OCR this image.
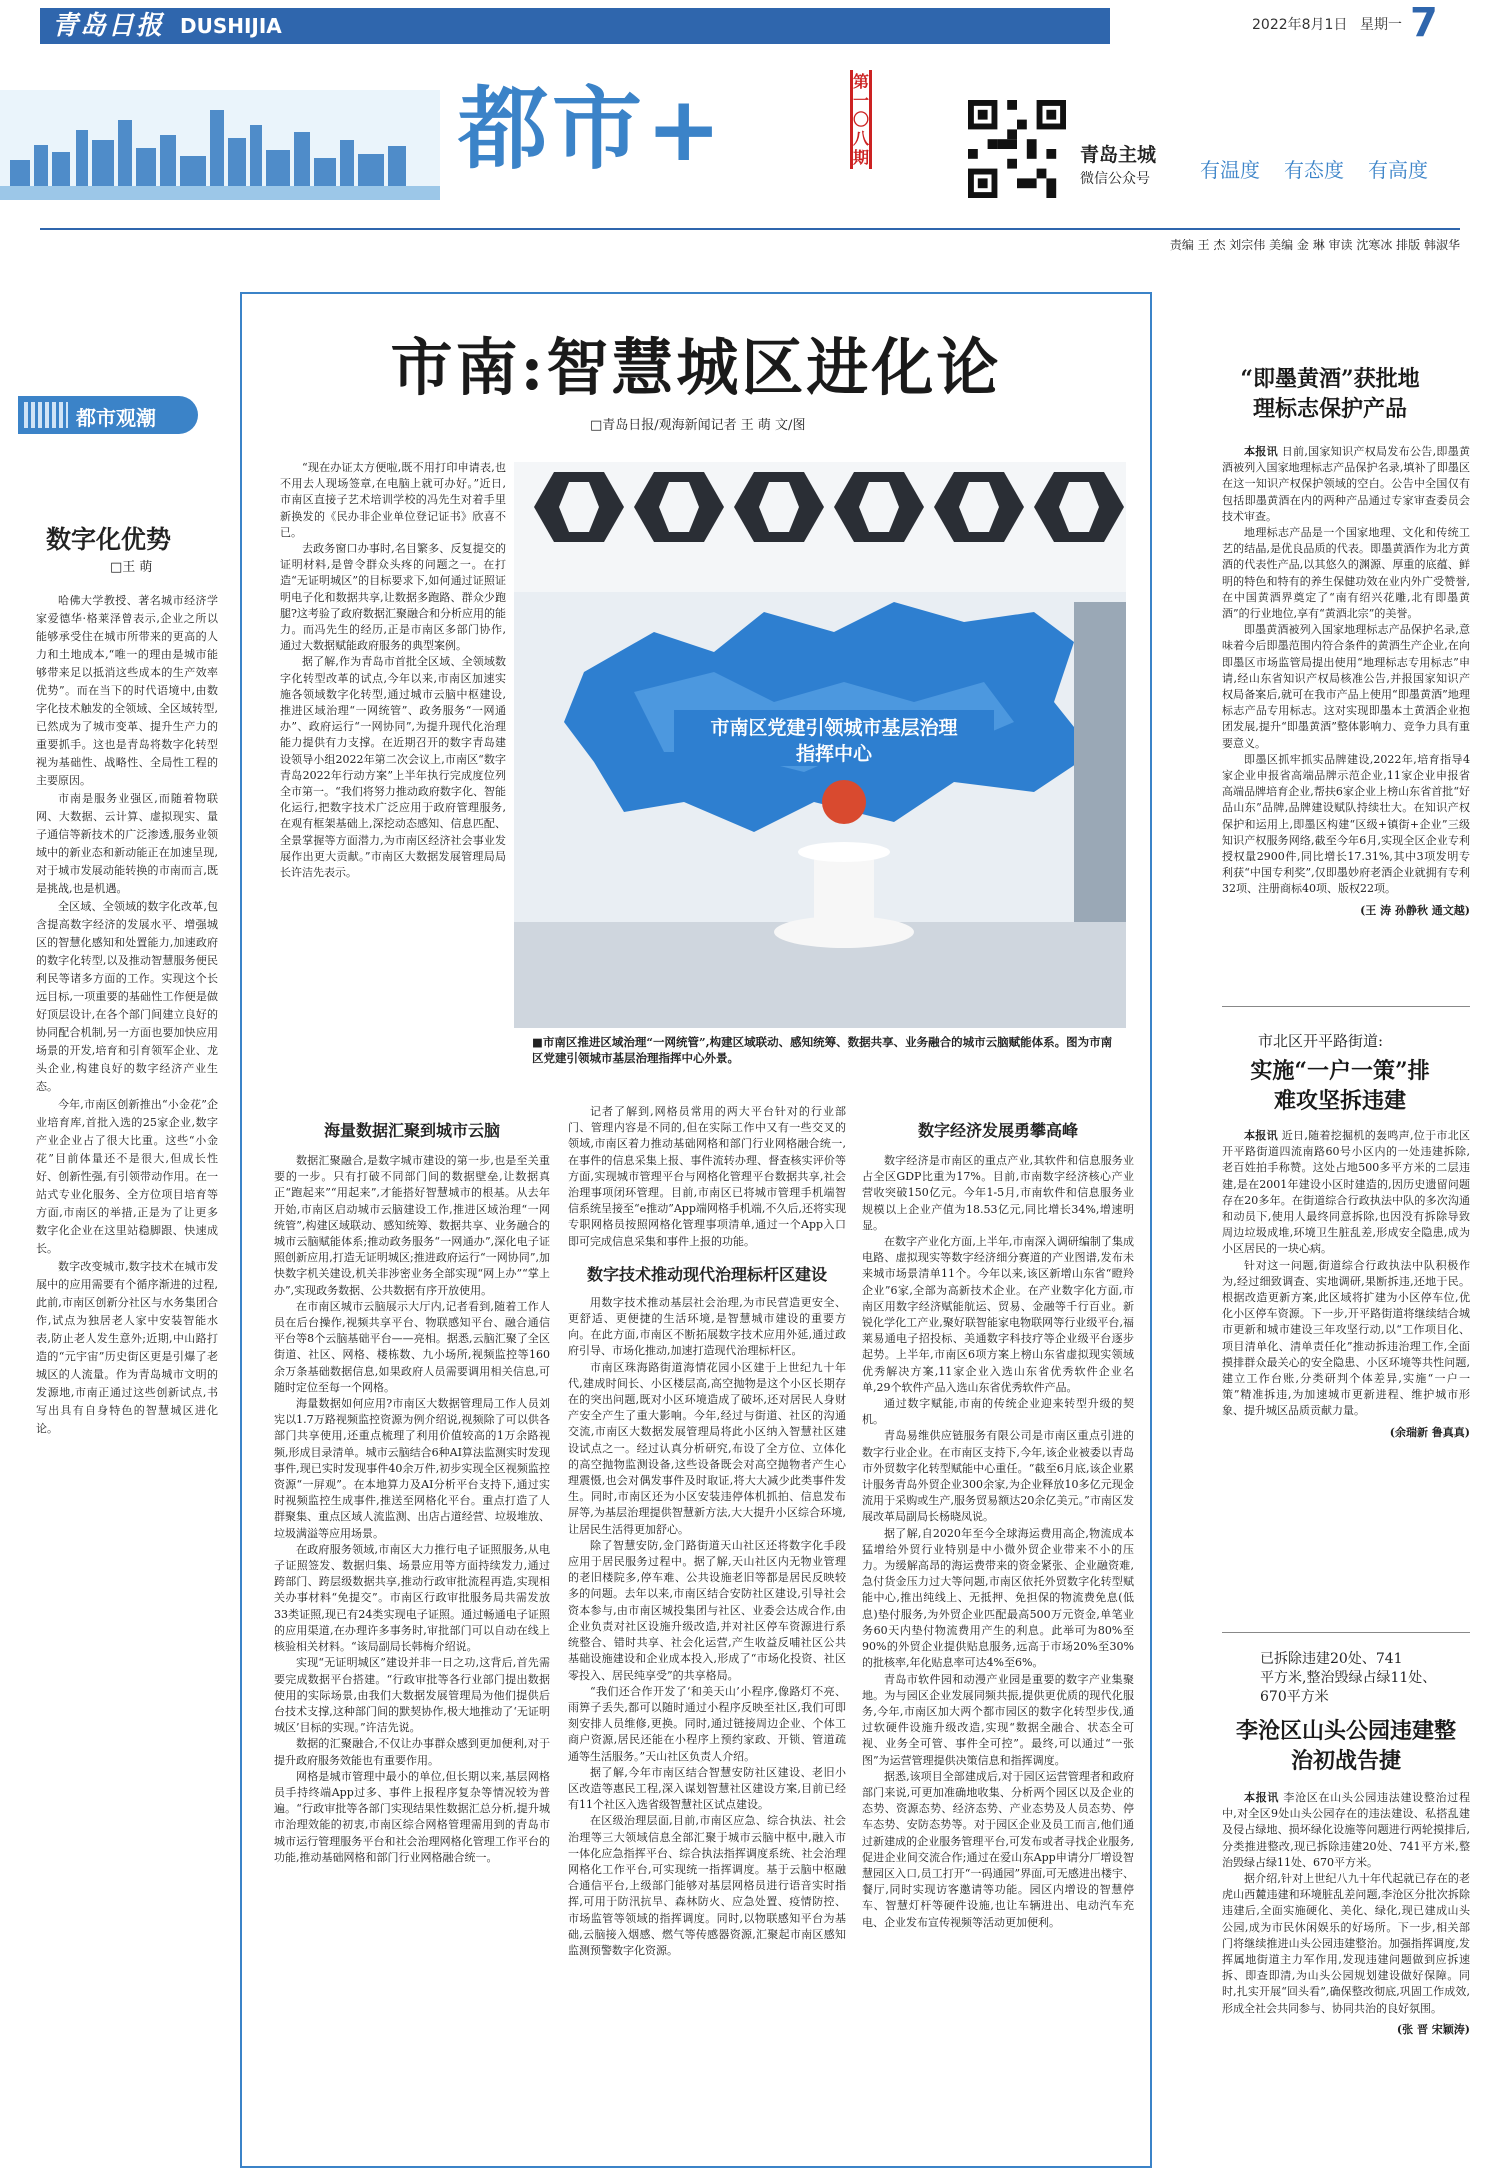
青岛日报 DUSHIJIA	2022年8月1日 星期一 7
都市+	第一〇八期	青岛主城
微信公众号	有温度 有态度 有高度
责编 王 杰 刘宗伟 美编 金 琳 审读 沈寒冰 排版 韩淑华
都市观潮
数字化优势
□王 萌

哈佛大学教授、著名城市经济学家爱德华·格莱泽曾表示,企业之所以能够承受住在城市所带来的更高的人力和土地成本,“唯一的理由是城市能够带来足以抵消这些成本的生产效率优势”。而在当下的时代语境中,由数字化技术触发的全领域、全区域转型,已然成为了城市变革、提升生产力的重要抓手。这也是青岛将数字化转型视为基础性、战略性、全局性工程的主要原因。

市南是服务业强区,而随着物联网、大数据、云计算、虚拟现实、量子通信等新技术的广泛渗透,服务业领域中的新业态和新动能正在加速呈现,对于城市发展动能转换的市南而言,既是挑战,也是机遇。

全区域、全领域的数字化改革,包含提高数字经济的发展水平、增强城区的智慧化感知和处置能力,加速政府的数字化转型,以及推动智慧服务便民利民等诸多方面的工作。实现这个长远目标,一项重要的基础性工作便是做好顶层设计,在各个部门间建立良好的协同配合机制,另一方面也要加快应用场景的开发,培育和引育领军企业、龙头企业,构建良好的数字经济产业生态。

今年,市南区创新推出“小金花”企业培育库,首批入选的25家企业,数字产业企业占了很大比重。这些“小金花”目前体量还不是很大,但成长性好、创新性强,有引领带动作用。在一站式专业化服务、全方位项目培育等方面,市南区的举措,正是为了让更多数字化企业在这里站稳脚跟、快速成长。

数字改变城市,数字技术在城市发展中的应用需要有个循序渐进的过程,此前,市南区创新分社区与水务集团合作,试点为独居老人家中安装智能水表,防止老人发生意外;近期,中山路打造的“元宇宙”历史街区更是引爆了老城区的人流量。作为青岛城市文明的发源地,市南正通过这些创新试点,书写出具有自身特色的智慧城区进化论。

市南:智慧城区进化论
□青岛日报/观海新闻记者 王 萌 文/图

“现在办证太方便啦,既不用打印申请表,也不用去人现场签章,在电脑上就可办好。”近日,市南区直接子艺术培训学校的冯先生对着手里新换发的《民办非企业单位登记证书》欣喜不已。

去政务窗口办事时,名目繁多、反复提交的证明材料,是曾令群众头疼的问题之一。在打造“无证明城区”的目标要求下,如何通过证照证明电子化和数据共享,让数据多跑路、群众少跑腿?这考验了政府数据汇聚融合和分析应用的能力。而冯先生的经历,正是市南区多部门协作,通过大数据赋能政府服务的典型案例。

据了解,作为青岛市首批全区域、全领域数字化转型改革的试点,今年以来,市南区加速实施各领域数字化转型,通过城市云脑中枢建设,推进区域治理“一网统管”、政务服务“一网通办”、政府运行“一网协同”,为提升现代化治理能力提供有力支撑。在近期召开的数字青岛建设领导小组2022年第二次会议上,市南区“数字青岛2022年行动方案”上半年执行完成度位列全市第一。“我们将努力推动政府数字化、智能化运行,把数字技术广泛应用于政府管理服务,在观有框架基础上,深挖动态感知、信息匹配、全景掌握等方面潜力,为市南区经济社会事业发展作出更大贡献。”市南区大数据发展管理局局长许洁先表示。

市南区党建引领城市基层治理
指挥中心
■市南区推进区域治理“一网统管”,构建区域联动、感知统筹、数据共享、业务融合的城市云脑赋能体系。图为市南区党建引领城市基层治理指挥中心外景。
海量数据汇聚到城市云脑

数据汇聚融合,是数字城市建设的第一步,也是至关重要的一步。只有打破不同部门间的数据壁垒,让数据真正“跑起来”“用起来”,才能搭好智慧城市的根基。从去年开始,市南区启动城市云脑建设工作,推进区域治理“一网统管”,构建区域联动、感知统筹、数据共享、业务融合的城市云脑赋能体系;推动政务服务“一网通办”,深化电子证照创新应用,打造无证明城区;推进政府运行“一网协同”,加快数字机关建设,机关非涉密业务全部实现“网上办”“掌上办”,实现政务数据、公共数据有序开放使用。

在市南区城市云脑展示大厅内,记者看到,随着工作人员在后台操作,视频共享平台、物联感知平台、融合通信平台等8个云脑基础平台——亮相。据悉,云脑汇聚了全区街道、社区、网格、楼栋数、九小场所,视频监控等160余万条基础数据信息,如果政府人员需要调用相关信息,可随时定位至每一个网格。

海量数据如何应用?市南区大数据管理局工作人员刘宪以1.7万路视频监控资源为例介绍说,视频除了可以供各部门共享使用,还重点梳理了利用价值较高的1万余路视频,形成目录清单。城市云脑结合6种AI算法监测实时发现事件,现已实时发现事件40余万件,初步实现全区视频监控资源“一屏观”。在本地算力及AI分析平台支持下,通过实时视频监控生成事件,推送至网格化平台。重点打造了人群聚集、重点区域人流监测、出店占道经营、垃圾堆放、垃圾满溢等应用场景。

在政府服务领域,市南区大力推行电子证照服务,从电子证照签发、数据归集、场景应用等方面持续发力,通过跨部门、跨层级数据共享,推动行政审批流程再造,实现相关办事材料“免提交”。市南区行政审批服务局共需发放33类证照,现已有24类实现电子证照。通过畅通电子证照的应用渠道,在办理许多事务时,审批部门可以自动在线上核验相关材料。“该局副局长韩梅介绍说。

实现“无证明城区”建设并非一日之功,这背后,首先需要完成数据平台搭建。“行政审批等各行业部门提出数据使用的实际场景,由我们大数据发展管理局为他们提供后台技术支撑,这种部门间的默契协作,极大地推动了‘无证明城区’目标的实现。”许洁先说。

数据的汇聚融合,不仅让办事群众感到更加便利,对于提升政府服务效能也有重要作用。

网格是城市管理中最小的单位,但长期以来,基层网格员手持终端App过多、事件上报程序复杂等情况较为普遍。“行政审批等各部门实现结果性数据汇总分析,提升城市治理效能的初衷,市南区综合网格管理需用到的青岛市城市运行管理服务平台和社会治理网格化管理工作平台的功能,推动基础网格和部门行业网格融合统一。

记者了解到,网格员常用的两大平台针对的行业部门、管理内容是不同的,但在实际工作中又有一些交叉的领域,市南区着力推动基础网格和部门行业网格融合统一,在事件的信息采集上报、事件流转办理、督查核实评价等方面,实现城市管理平台与网格化管理平台数据共享,社会治理事项闭环管理。目前,市南区已将城市管理手机端智信系统呈接至“e推动”App端网格手机端,不久后,还将实现专职网格员按照网格化管理事项清单,通过一个App入口即可完成信息采集和事件上报的功能。

数字技术推动现代治理标杆区建设

用数字技术推动基层社会治理,为市民营造更安全、更舒适、更便捷的生活环境,是智慧城市建设的重要方向。在此方面,市南区不断拓展数字技术应用外延,通过政府引导、市场化推动,加速打造现代治理标杆区。

市南区珠海路街道海情花园小区建于上世纪九十年代,建成时间长、小区楼层高,高空抛物是这个小区长期存在的突出问题,既对小区环境造成了破坏,还对居民人身财产安全产生了重大影响。今年,经过与街道、社区的沟通交流,市南区大数据发展管理局将此小区纳入智慧社区建设试点之一。经过认真分析研究,布设了全方位、立体化的高空抛物监测设备,这些设备既会对高空抛物者产生心理震慑,也会对偶发事件及时取证,将大大减少此类事件发生。同时,市南区还为小区安装违停体机抓拍、信息发布屏等,为基层治理提供智慧新方法,大大提升小区综合环境,让居民生活得更加舒心。

除了智慧安防,金门路街道天山社区还将数字化手段应用于居民服务过程中。据了解,天山社区内无物业管理的老旧楼院多,停车难、公共设施老旧等都是居民反映较多的问题。去年以来,市南区结合安防社区建设,引导社会资本参与,由市南区城投集团与社区、业委会达成合作,由企业负责对社区设施升级改造,并对社区停车资源进行系统整合、错时共享、社会化运营,产生收益反哺社区公共基础设施建设和企业成本投入,形成了“市场化投资、社区零投入、居民纯享受”的共享格局。

“我们还合作开发了‘和美天山’小程序,像路灯不亮、雨箅子丢失,都可以随时通过小程序反映至社区,我们可即刻安排人员维修,更换。同时,通过链接周边企业、个体工商户资源,居民还能在小程序上预约家政、开锁、管道疏通等生活服务。”天山社区负责人介绍。

据了解,今年市南区结合智慧安防社区建设、老旧小区改造等惠民工程,深入谋划智慧社区建设方案,目前已经有11个社区入选省级智慧社区试点建设。

在区级治理层面,目前,市南区应急、综合执法、社会治理等三大领域信息全部汇聚于城市云脑中枢中,融入市一体化应急指挥平台、综合执法指挥调度系统、社会治理网格化工作平台,可实现统一指挥调度。基于云脑中枢融合通信平台,上级部门能够对基层网格员进行语音实时指挥,可用于防汛抗旱、森林防火、应急处置、疫情防控、市场监管等领域的指挥调度。同时,以物联感知平台为基础,云脑接入烟感、燃气等传感器资源,汇聚起市南区感知监测预警数字化资源。

数字经济发展勇攀高峰

数字经济是市南区的重点产业,其软件和信息服务业占全区GDP比重为17%。目前,市南数字经济核心产业营收突破150亿元。今年1-5月,市南软件和信息服务业规模以上企业产值为18.53亿元,同比增长34%,增速明显。

在数字产业化方面,上半年,市南深入调研编制了集成电路、虚拟现实等数字经济细分赛道的产业图谱,发布未来城市场景清单11个。今年以来,该区新增山东省“瞪羚企业”6家,全部为高新技术企业。在产业数字化方面,市南区用数字经济赋能航运、贸易、金融等千行百业。新锐化学化工产业,聚好联智能家电物联网等行业级平台,福莱易通电子招投标、美通数字科技疗等企业级平台逐步起势。上半年,市南区6项方案上榜山东省虚拟现实领域优秀解决方案,11家企业入选山东省优秀软件企业名单,29个软件产品入选山东省优秀软件产品。

通过数字赋能,市南的传统企业迎来转型升级的契机。

青岛易维供应链服务有限公司是市南区重点引进的数字行业企业。在市南区支持下,今年,该企业被委以青岛市外贸数字化转型赋能中心重任。“截至6月底,该企业累计服务青岛外贸企业300余家,为企业释放10多亿元现金流用于采购或生产,服务贸易额达20余亿美元。”市南区发展改革局副局长杨晓凤说。

据了解,自2020年至今全球海运费用高企,物流成本猛增给外贸行业特别是中小微外贸企业带来不小的压力。为缓解高昂的海运费带来的资金紧张、企业融资难,急付货金压力过大等问题,市南区依托外贸数字化转型赋能中心,推出纯线上、无抵押、免担保的物流费免息(低息)垫付服务,为外贸企业匹配最高500万元资金,单笔业务60天内垫付物流费用产生的利息。此举可为80%至90%的外贸企业提供贴息服务,远高于市场20%至30%的批核率,年化贴息率可达4%至6%。

青岛市软件园和动漫产业园是重要的数字产业集聚地。为与园区企业发展同频共振,提供更优质的现代化服务,今年,市南区加大两个都市园区的数字化转型步伐,通过软硬件设施升级改造,实现“数据全融合、状态全可视、业务全可管、事件全可控”。最终,可以通过“一张图”为运营管理提供决策信息和指挥调度。

据悉,该项目全部建成后,对于园区运营管理者和政府部门来说,可更加准确地收集、分析两个园区以及企业的态势、资源态势、经济态势、产业态势及人员态势、停车态势、安防态势等。对于园区企业及员工而言,他们通过新建成的企业服务管理平台,可发布或者寻找企业服务,促进企业间交流合作;通过在爱山东App申请分厂增设智慧园区入口,员工打开“一码通园”界面,可无感进出楼宇、餐厅,同时实现访客邀请等功能。园区内增设的智慧停车、智慧灯杆等硬件设施,也让车辆进出、电动汽车充电、企业发布宣传视频等活动更加便利。

“即墨黄酒”获批地理标志保护产品

本报讯 日前,国家知识产权局发布公告,即墨黄酒被列入国家地理标志产品保护名录,填补了即墨区在这一知识产权保护领域的空白。公告中全国仅有包括即墨黄酒在内的两种产品通过专家审查委员会技术审查。

地理标志产品是一个国家地理、文化和传统工艺的结晶,是优良品质的代表。即墨黄酒作为北方黄酒的代表性产品,以其悠久的渊源、厚重的底蕴、鲜明的特色和特有的养生保健功效在业内外广受赞誉,在中国黄酒界奠定了“南有绍兴花雕,北有即墨黄酒”的行业地位,享有“黄酒北宗”的美誉。

即墨黄酒被列入国家地理标志产品保护名录,意味着今后即墨范围内符合条件的黄酒生产企业,在向即墨区市场监管局提出使用“地理标志专用标志”申请,经山东省知识产权局核准公告,并报国家知识产权局备案后,就可在我市产品上使用“即墨黄酒”地理标志产品专用标志。这对实现即墨本土黄酒企业抱团发展,提升“即墨黄酒”整体影响力、竞争力具有重要意义。

即墨区抓牢抓实品牌建设,2022年,培育指导4家企业申报省高端品牌示范企业,11家企业申报省高端品牌培育企业,帮扶6家企业上榜山东省首批“好品山东”品牌,品牌建设赋队持续壮大。在知识产权保护和运用上,即墨区构建“区级+镇街+企业”三级知识产权服务网络,截至今年6月,实现全区企业专利授权量2900件,同比增长17.31%,其中3项发明专利获“中国专利奖”,仅即墨妙府老酒企业就拥有专利32项、注册商标40项、版权22项。

(王 涛 孙静秋 通文越)
市北区开平路街道:
实施“一户一策”排难攻坚拆违建

本报讯 近日,随着挖掘机的轰鸣声,位于市北区开平路街道四流南路60号小区内的一处违建拆除,老百姓拍手称赞。这处占地500多平方米的二层违建,是在2001年建设小区时建造的,因历史遗留问题存在20多年。在街道综合行政执法中队的多次沟通和动员下,使用人最终同意拆除,也因没有拆除导致周边垃圾成堆,环境卫生脏乱差,形成安全隐患,成为小区居民的一块心病。

针对这一问题,街道综合行政执法中队积极作为,经过细致调查、实地调研,果断拆违,还地于民。根据改造更新方案,此区域将扩建为小区停车位,优化小区停车资源。下一步,开平路街道将继续结合城市更新和城市建设三年攻坚行动,以“工作项目化、项目清单化、清单责任化”推动拆违治理工作,全面摸排群众最关心的安全隐患、小区环境等共性问题,建立工作台账,分类研判个体差异,实施“一户一策”精准拆违,为加速城市更新进程、维护城市形象、提升城区品质贡献力量。

(余瑞新 鲁真真)
已拆除违建20处、741
平方米,整治毁绿占绿11处、
670平方米
李沧区山头公园违建整治初战告捷

本报讯 李沧区在山头公园违法建设整治过程中,对全区9处山头公园存在的违法建设、私搭乱建及侵占绿地、损坏绿化设施等问题进行两轮摸排后,分类推进整改,现已拆除违建20处、741平方米,整治毁绿占绿11处、670平方米。

据介绍,针对上世纪八九十年代起就已存在的老虎山西麓违建和环境脏乱差问题,李沧区分批次拆除违建后,全面实施硬化、美化、绿化,现已建成山头公园,成为市民休闲娱乐的好场所。下一步,相关部门将继续推进山头公园违建整治。加强指挥调度,发挥属地街道主力军作用,发现违建问题做到应拆速拆、即查即清,为山头公园规划建设做好保障。同时,扎实开展“回头看”,确保整改彻底,巩固工作成效,形成全社会共同参与、协同共治的良好氛围。

(张 晋 宋颖涛)
